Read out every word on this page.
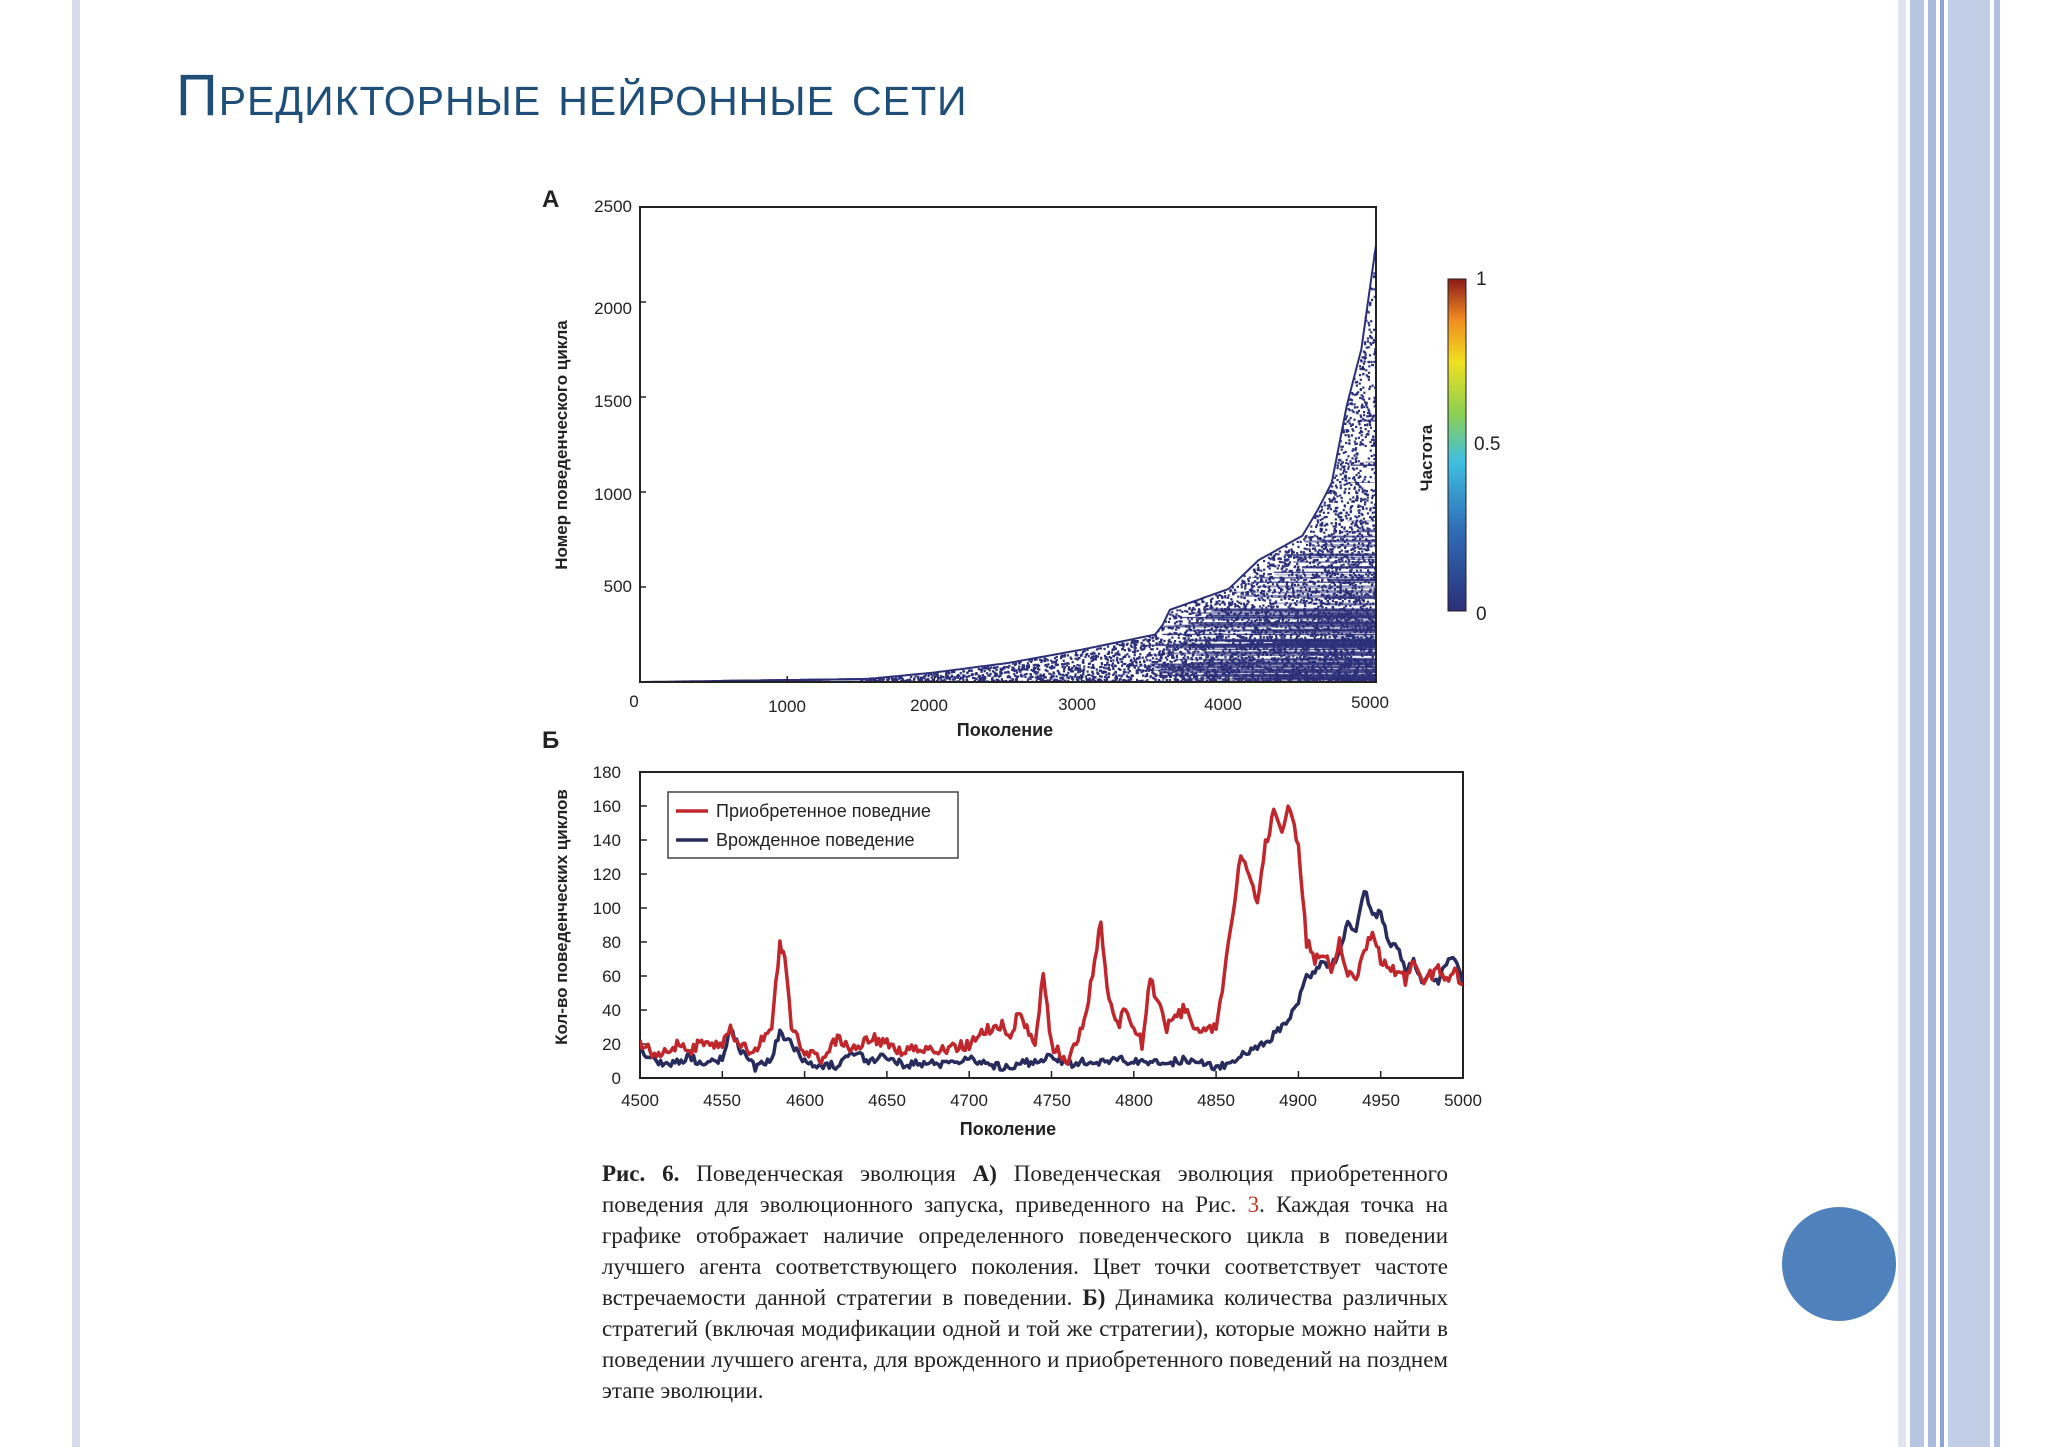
Предикторные нейронные сети
А
0	1000	2000	3000	4000	5000
500
1000
1500
2000
2500
Поколение
Номер поведенческого цикла
1
0.5
0
Частота
Б
0
20
40
60
80
100
120
140
160
180
4500	4550	4600	4650	4700	4750	4800	4850	4900	4950	5000
Поколение
Кол-во поведенческих циклов	Приобретенное поведние
Врожденное поведение
Рис. 6. Поведенческая эволюция А) Поведенческая эволюция приобретенного поведения для эволюционного запуска, приведенного на Рис. 3. Каждая точка на графике отображает наличие определенного поведенческого цикла в поведении лучшего агента соответствующего поколения. Цвет точки соответствует частоте встречаемости данной стратегии в поведении. Б) Динамика количества различных стратегий (включая модификации одной и той же стратегии), которые можно найти в поведении лучшего агента, для врожденного и приобретенного поведений на позднем этапе эволюции.
